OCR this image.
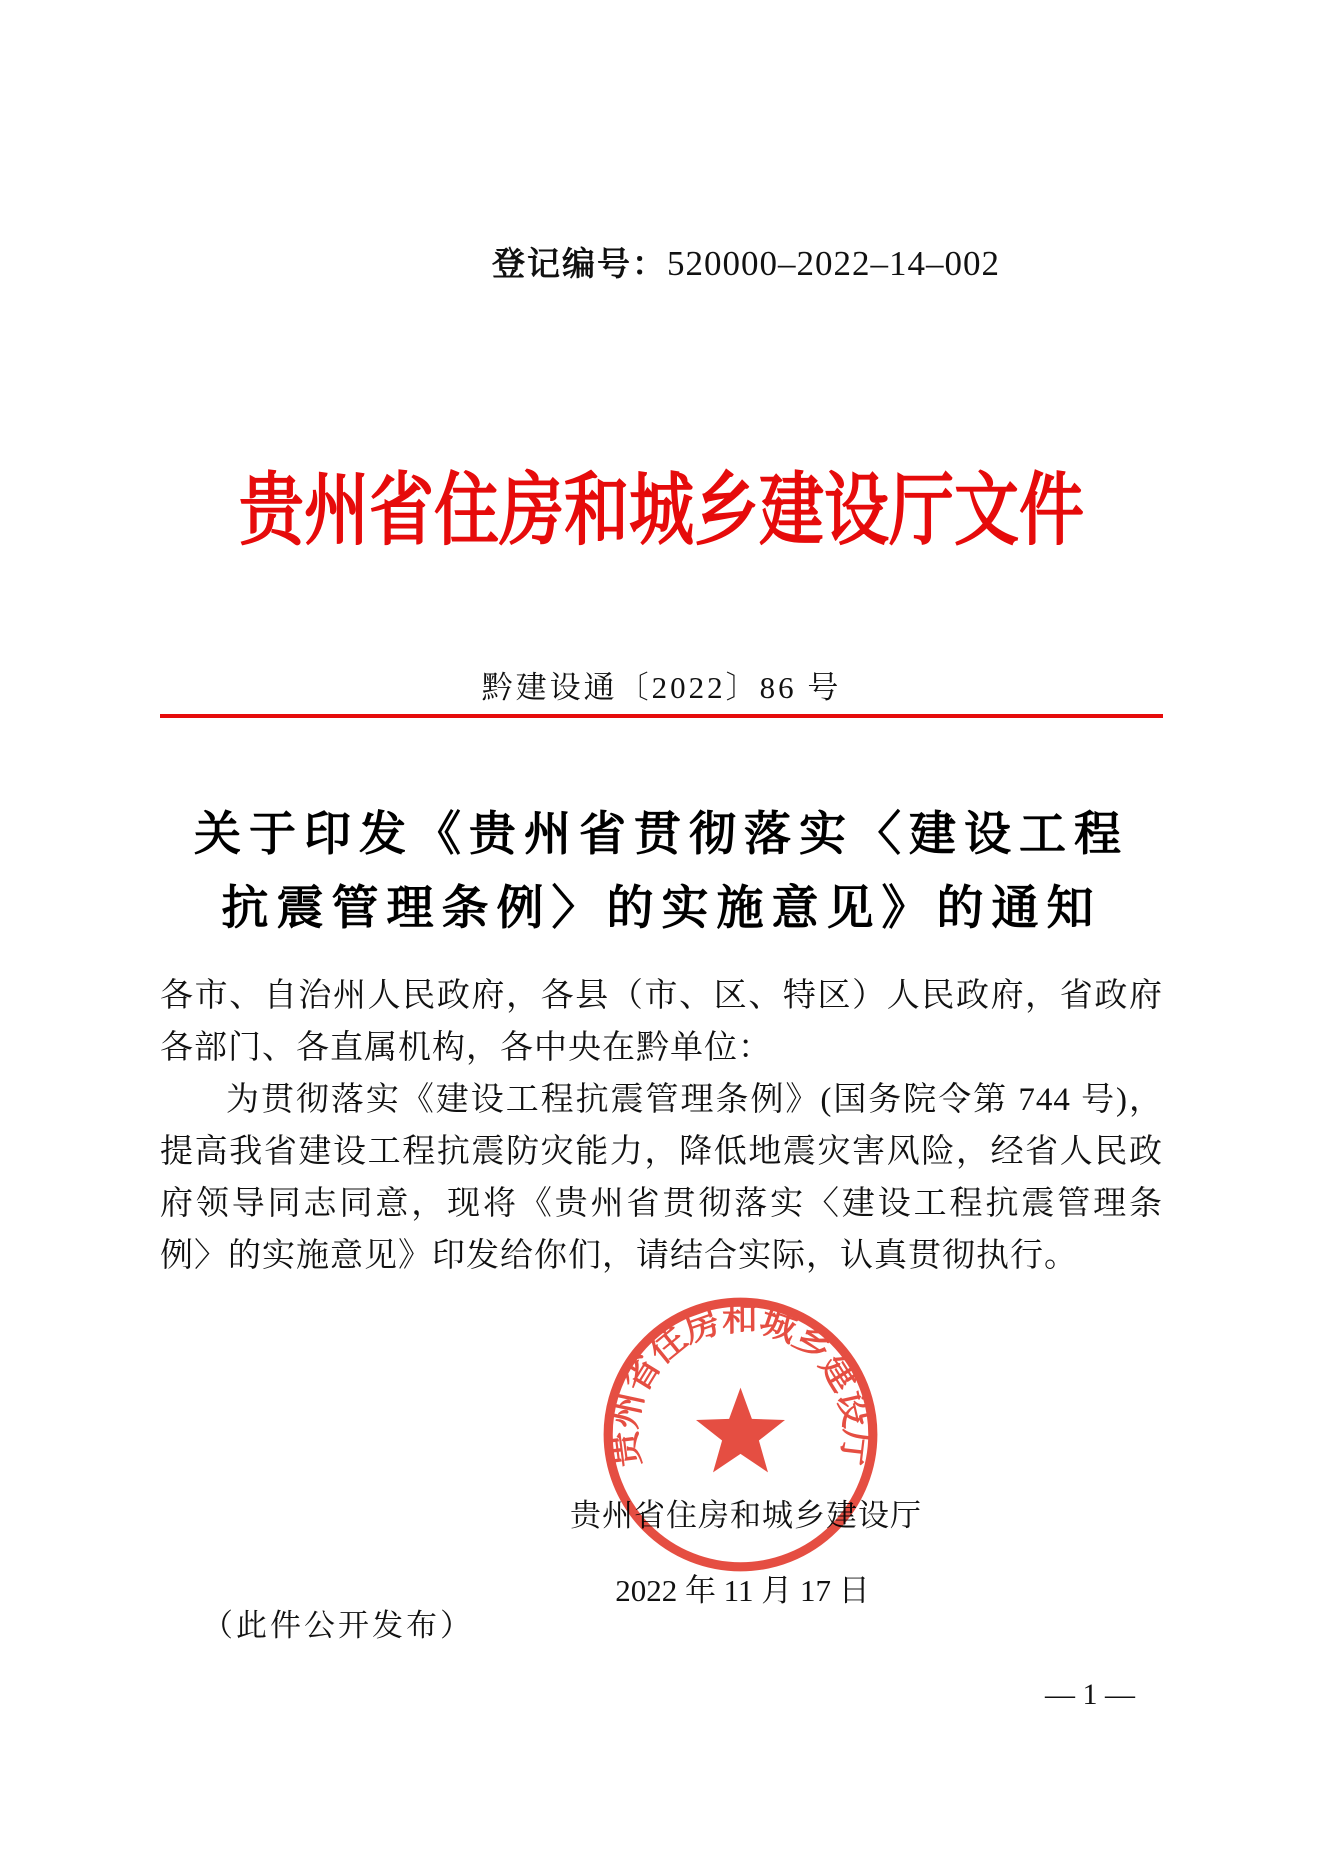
登记编号：520000–2022–14–002
贵州省住房和城乡建设厅文件
黔建设通〔2022〕86 号
关于印发《贵州省贯彻落实〈建设工程
抗震管理条例〉的实施意见》的通知

各市、自治州人民政府，各县（市、区、特区）人民政府，省政府各部门、各直属机构，各中央在黔单位：

为贯彻落实《建设工程抗震管理条例》(国务院令第 744 号)，提高我省建设工程抗震防灾能力，降低地震灾害风险，经省人民政府领导同志同意，现将《贵州省贯彻落实〈建设工程抗震管理条例〉的实施意见》印发给你们，请结合实际，认真贯彻执行。

贵州省住房和城乡建设厅
贵州省住房和城乡建设厅
2022 年 11 月 17 日
（此件公开发布）
— 1 —
